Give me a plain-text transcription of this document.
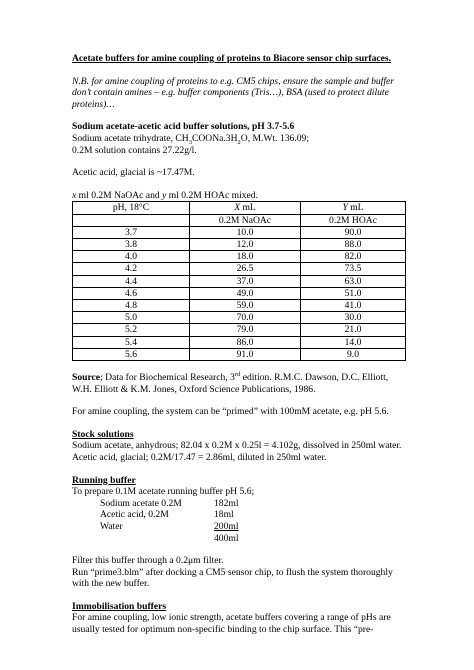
Acetate buffers for amine coupling of proteins to Biacore sensor chip surfaces.

N.B. for amine coupling of proteins to e.g. CM5 chips, ensure the sample and buffer don’t contain amines – e.g. buffer components (Tris…), BSA (used to protect dilute proteins)…

Sodium acetate-acetic acid buffer solutions, pH 3.7-5.6

Sodium acetate trihydrate, $CH_3COONa.3H_2O$, M.Wt. 136.09;

0.2M solution contains 27.22g/l.

Acetic acid, glacial is ~17.47M.

x ml 0.2M NaOAc and y ml 0.2M HOAc mixed.

pH, 18°C	X mL	Y mL
	0.2M NaOAc	0.2M HOAc
3.7	10.0	90.0
3.8	12.0	88.0
4.0	18.0	82.0
4.2	26.5	73.5
4.4	37.0	63.0
4.6	49.0	51.0
4.8	59.0	41.0
5.0	70.0	30.0
5.2	79.0	21.0
5.4	86.0	14.0
5.6	91.0	9.0

Source; Data for Biochemical Research, 3rd edition. R.M.C. Dawson, D.C. Elliott, W.H. Elliott & K.M. Jones, Oxford Science Publications, 1986.

For amine coupling, the system can be “primed” with 100mM acetate, e.g. pH 5.6.

Stock solutions

Sodium acetate, anhydrous; 82.04 x 0.2M x 0.25l = 4.102g, dissolved in 250ml water.

Acetic acid, glacial; 0.2M/17.47 = 2.86ml, diluted in 250ml water.

Running buffer

To prepare 0.1M acetate running buffer pH 5.6;

Sodium acetate 0.2M	182ml
Acetic acid, 0.2M	18ml
Water	200ml
400ml

Filter this buffer through a 0.2μm filter.

Run “prime3.blm” after docking a CM5 sensor chip, to flush the system thoroughly with the new buffer.

Immobilisation buffers

For amine coupling, low ionic strength, acetate buffers covering a range of pHs are usually tested for optimum non-specific binding to the chip surface. This “pre-
